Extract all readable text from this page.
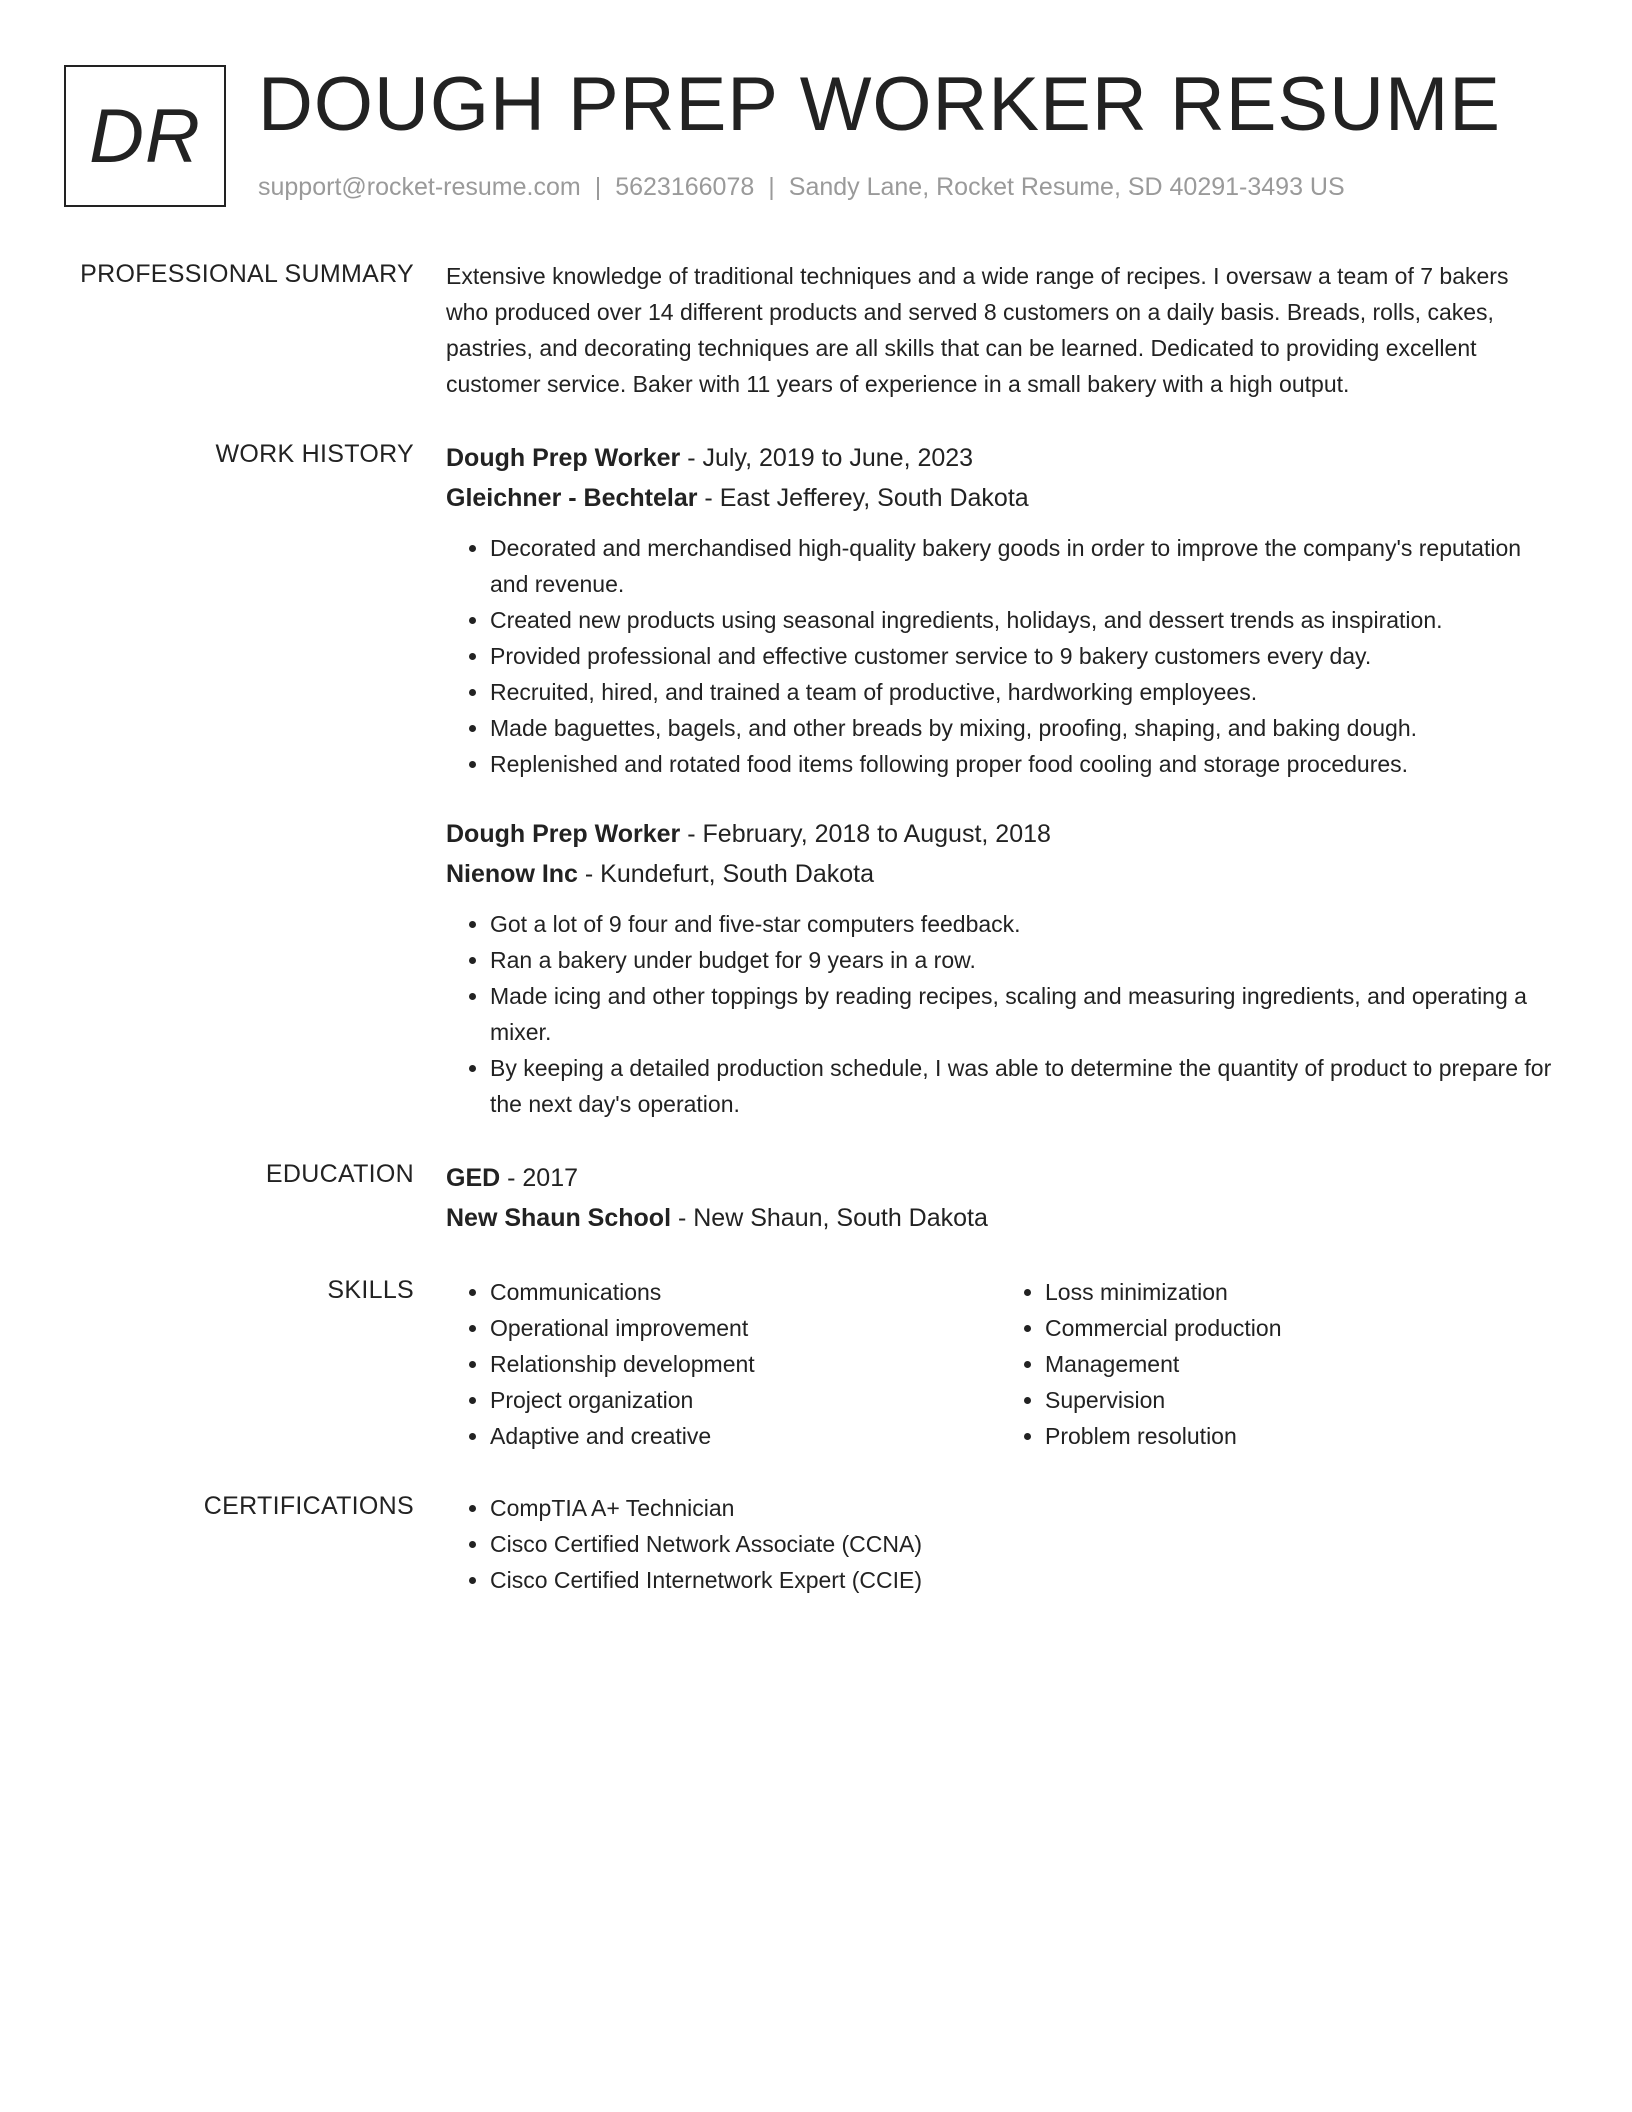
DR DOUGH PREP WORKER RESUME
support@rocket-resume.com | 5623166078 | Sandy Lane, Rocket Resume, SD 40291-3493 US
PROFESSIONAL SUMMARY Extensive knowledge of traditional techniques and a wide range of recipes. I oversaw a team of 7 bakers who produced over 14 different products and served 8 customers on a daily basis. Breads, rolls, cakes, pastries, and decorating techniques are all skills that can be learned. Dedicated to providing excellent customer service. Baker with 11 years of experience in a small bakery with a high output.
WORK HISTORY Dough Prep Worker - July, 2019 to June, 2023
Gleichner - Bechtelar - East Jefferey, South Dakota
• Decorated and merchandised high-quality bakery goods in order to improve the company's reputation and revenue.
• Created new products using seasonal ingredients, holidays, and dessert trends as inspiration.
• Provided professional and effective customer service to 9 bakery customers every day.
• Recruited, hired, and trained a team of productive, hardworking employees.
• Made baguettes, bagels, and other breads by mixing, proofing, shaping, and baking dough.
• Replenished and rotated food items following proper food cooling and storage procedures.
Dough Prep Worker - February, 2018 to August, 2018
Nienow Inc - Kundefurt, South Dakota
• Got a lot of 9 four and five-star computers feedback.
• Ran a bakery under budget for 9 years in a row.
• Made icing and other toppings by reading recipes, scaling and measuring ingredients, and operating a mixer.
• By keeping a detailed production schedule, I was able to determine the quantity of product to prepare for the next day's operation.
EDUCATION GED - 2017
New Shaun School - New Shaun, South Dakota
SKILLS	• Communications
• Operational improvement
• Relationship development
• Project organization
• Adaptive and creative
• Loss minimization
• Commercial production
• Management
• Supervision
• Problem resolution
CERTIFICATIONS	• CompTIA A+ Technician
• Cisco Certified Network Associate (CCNA)
• Cisco Certified Internetwork Expert (CCIE)
